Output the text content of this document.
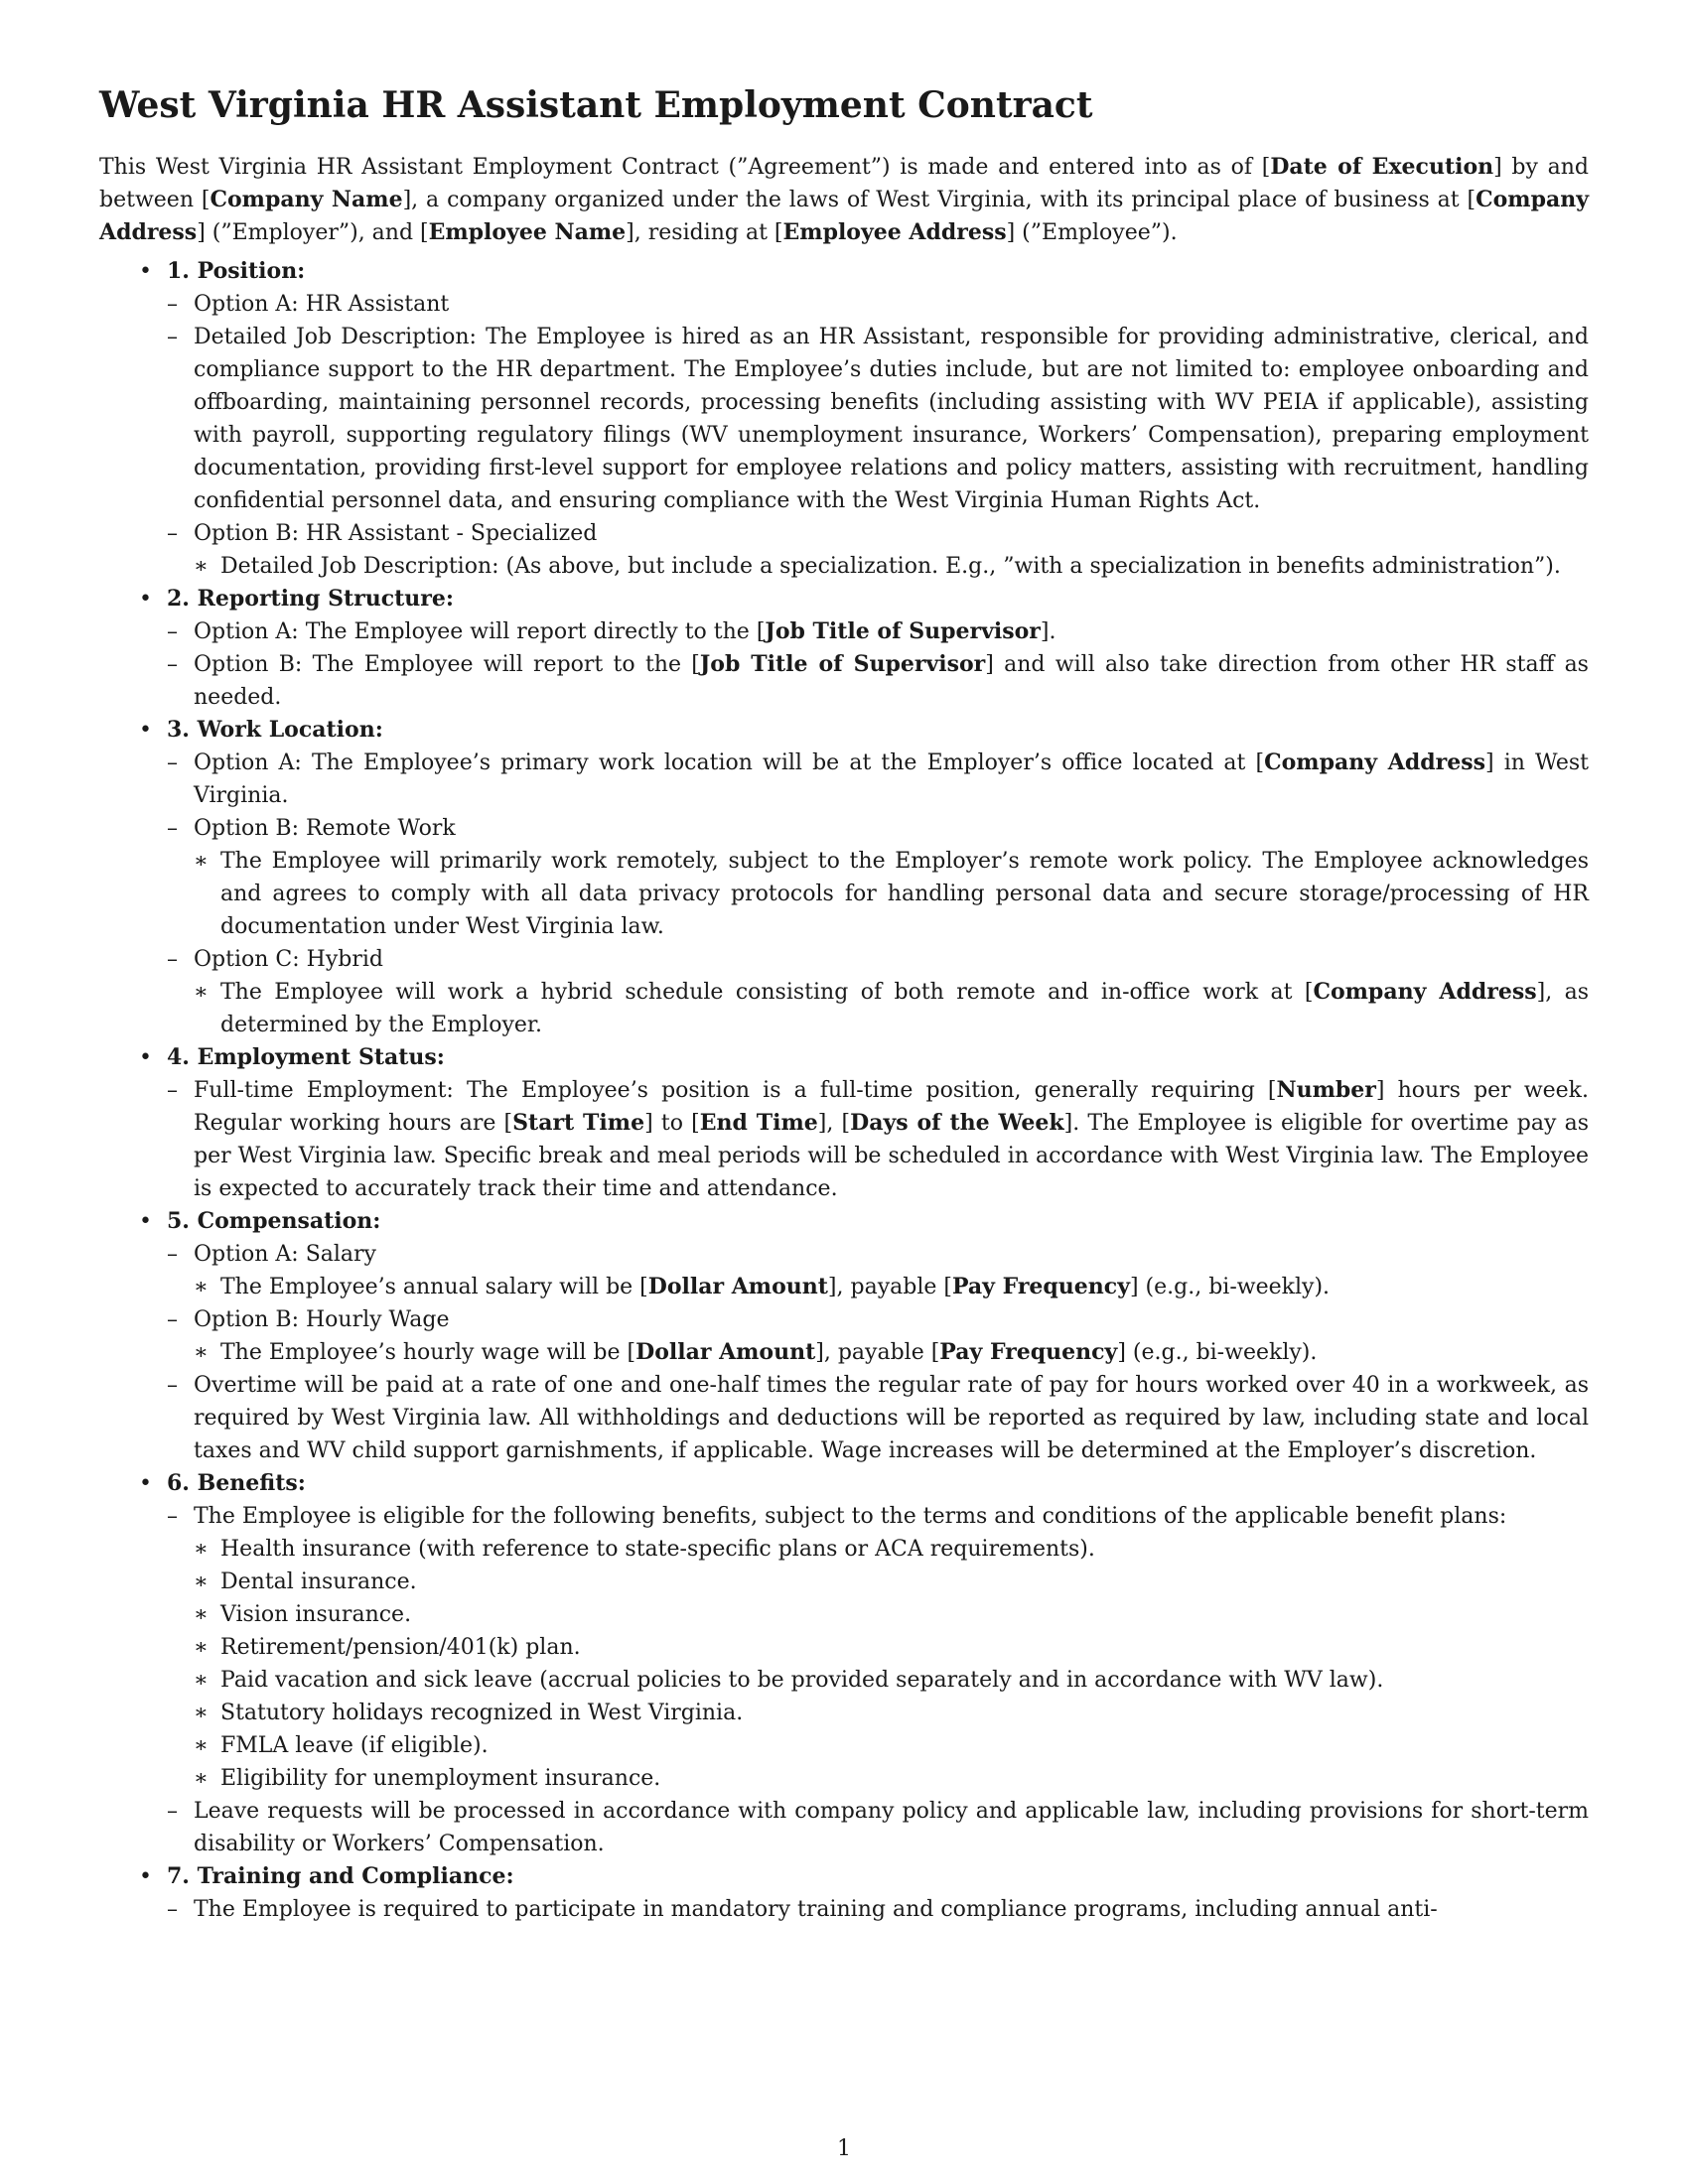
West Virginia HR Assistant Employment Contract

This West Virginia HR Assistant Employment Contract (”Agreement”) is made and entered into as of [Date of Execution] by and between [Company Name], a company organized under the laws of West Virginia, with its principal place of business at [Company Address] (”Employer”), and [Employee Name], residing at [Employee Address] (”Employee”).

• 1. Position:
– Option A: HR Assistant
– Detailed Job Description: The Employee is hired as an HR Assistant, responsible for providing administrative, clerical, and compliance support to the HR department. The Employee’s duties include, but are not limited to: employee onboarding and offboarding, maintaining personnel records, processing benefits (including assisting with WV PEIA if applicable), assisting with payroll, supporting regulatory filings (WV unemployment insurance, Workers’ Compensation), preparing employment documentation, providing first-level support for employee relations and policy matters, assisting with recruitment, handling confidential personnel data, and ensuring compliance with the West Virginia Human Rights Act.
– Option B: HR Assistant - Specialized
∗ Detailed Job Description: (As above, but include a specialization. E.g., ”with a specialization in benefits administration”).
• 2. Reporting Structure:
– Option A: The Employee will report directly to the [Job Title of Supervisor].
– Option B: The Employee will report to the [Job Title of Supervisor] and will also take direction from other HR staff as needed.
• 3. Work Location:
– Option A: The Employee’s primary work location will be at the Employer’s office located at [Company Address] in West Virginia.
– Option B: Remote Work
∗ The Employee will primarily work remotely, subject to the Employer’s remote work policy. The Employee acknowledges and agrees to comply with all data privacy protocols for handling personal data and secure storage/processing of HR documentation under West Virginia law.
– Option C: Hybrid
∗ The Employee will work a hybrid schedule consisting of both remote and in-office work at [Company Address], as determined by the Employer.
• 4. Employment Status:
– Full-time Employment: The Employee’s position is a full-time position, generally requiring [Number] hours per week. Regular working hours are [Start Time] to [End Time], [Days of the Week]. The Employee is eligible for overtime pay as per West Virginia law. Specific break and meal periods will be scheduled in accordance with West Virginia law. The Employee is expected to accurately track their time and attendance.
• 5. Compensation:
– Option A: Salary
∗ The Employee’s annual salary will be [Dollar Amount], payable [Pay Frequency] (e.g., bi-weekly).
– Option B: Hourly Wage
∗ The Employee’s hourly wage will be [Dollar Amount], payable [Pay Frequency] (e.g., bi-weekly).
– Overtime will be paid at a rate of one and one-half times the regular rate of pay for hours worked over 40 in a workweek, as required by West Virginia law. All withholdings and deductions will be reported as required by law, including state and local taxes and WV child support garnishments, if applicable. Wage increases will be determined at the Employer’s discretion.
• 6. Benefits:
– The Employee is eligible for the following benefits, subject to the terms and conditions of the applicable benefit plans:
∗ Health insurance (with reference to state-specific plans or ACA requirements).
∗ Dental insurance.
∗ Vision insurance.
∗ Retirement/pension/401(k) plan.
∗ Paid vacation and sick leave (accrual policies to be provided separately and in accordance with WV law).
∗ Statutory holidays recognized in West Virginia.
∗ FMLA leave (if eligible).
∗ Eligibility for unemployment insurance.
– Leave requests will be processed in accordance with company policy and applicable law, including provisions for short-term disability or Workers’ Compensation.
• 7. Training and Compliance:
– The Employee is required to participate in mandatory training and compliance programs, including annual anti-
1
